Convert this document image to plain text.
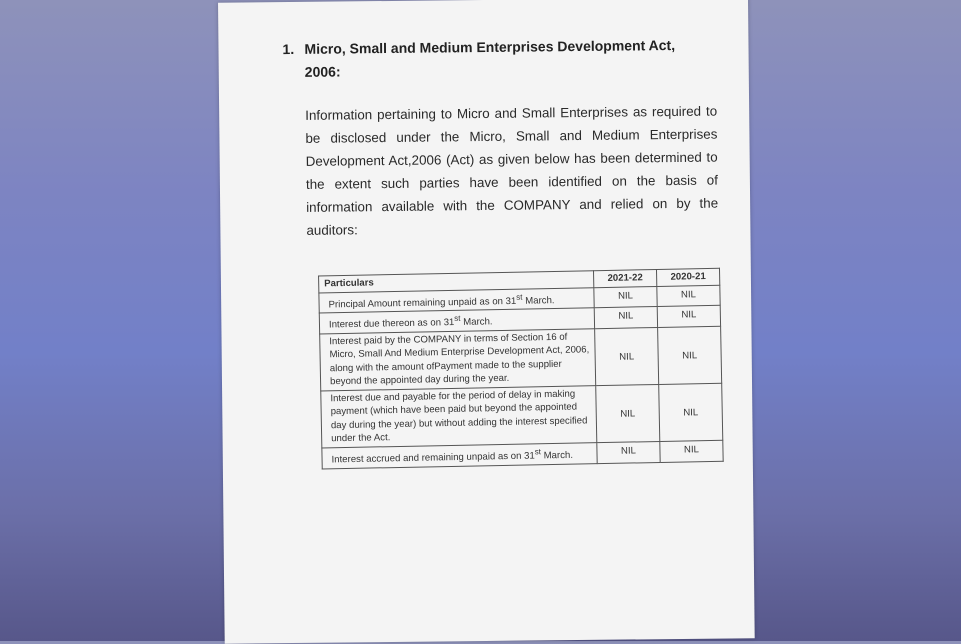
1. Micro, Small and Medium Enterprises Development Act, 2006:
Information pertaining to Micro and Small Enterprises as required to be disclosed under the Micro, Small and Medium Enterprises Development Act,2006 (Act) as given below has been determined to the extent such parties have been identified on the basis of information available with the COMPANY and relied on by the auditors:
Particulars	2021-22	2020-21
Principal Amount remaining unpaid as on 31st March.	NIL	NIL
Interest due thereon as on 31st March.	NIL	NIL
Interest paid by the COMPANY in terms of Section 16 of Micro, Small And Medium Enterprise Development Act, 2006, along with the amount ofPayment made to the supplier beyond the appointed day during the year.	NIL	NIL
Interest due and payable for the period of delay in making payment (which have been paid but beyond the appointed day during the year) but without adding the interest specified under the Act.	NIL	NIL
Interest accrued and remaining unpaid as on 31st March.	NIL	NIL
